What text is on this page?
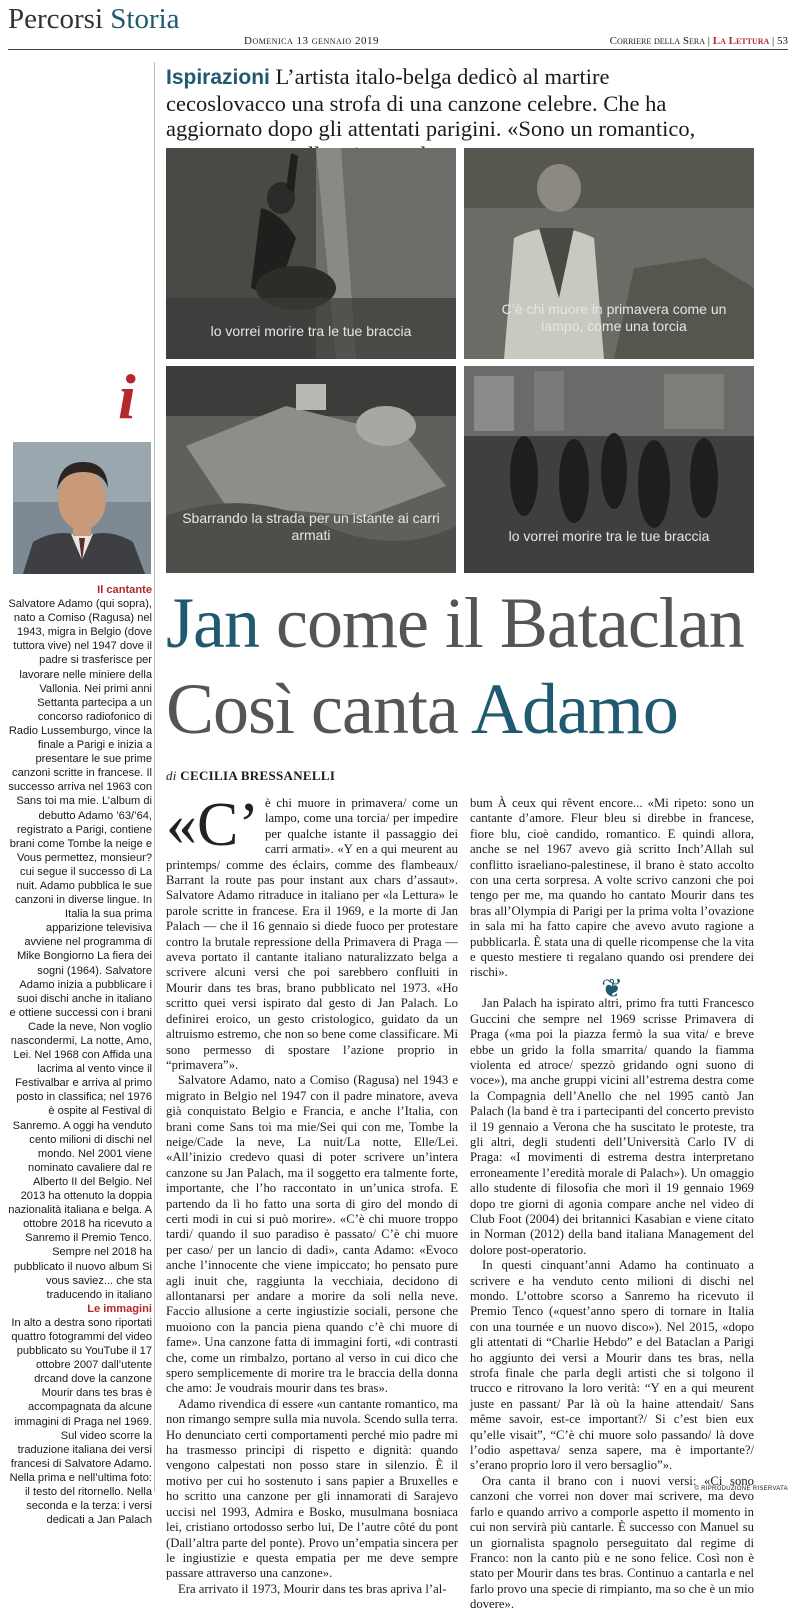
Percorsi Storia
Domenica 13 gennaio 2019	Corriere della Sera | La Lettura | 53
i

Il cantante

Salvatore Adamo (qui sopra), nato a Comiso (Ragusa) nel 1943, migra in Belgio (dove tuttora vive) nel 1947 dove il padre si trasferisce per lavorare nelle miniere della Vallonia. Nei primi anni Settanta partecipa a un concorso radiofonico di Radio Lussemburgo, vince la finale a Parigi e inizia a presentare le sue prime canzoni scritte in francese. Il successo arriva nel 1963 con Sans toi ma mie. L’album di debutto Adamo ’63/’64, registrato a Parigi, contiene brani come Tombe la neige e Vous permettez, monsieur? cui segue il successo di La nuit. Adamo pubblica le sue canzoni in diverse lingue. In Italia la sua prima apparizione televisiva avviene nel programma di Mike Bongiorno La fiera dei sogni (1964). Salvatore Adamo inizia a pubblicare i suoi dischi anche in italiano e ottiene successi con i brani Cade la neve, Non voglio nascondermi, La notte, Amo, Lei. Nel 1968 con Affida una lacrima al vento vince il Festivalbar e arriva al primo posto in classifica; nel 1976 è ospite al Festival di Sanremo. A oggi ha venduto cento milioni di dischi nel mondo. Nel 2001 viene nominato cavaliere dal re Alberto II del Belgio. Nel 2013 ha ottenuto la doppia nazionalità italiana e belga. A ottobre 2018 ha ricevuto a Sanremo il Premio Tenco. Sempre nel 2018 ha pubblicato il nuovo album Si vous saviez... che sta traducendo in italiano

Le immagini

In alto a destra sono riportati quattro fotogrammi del video pubblicato su YouTube il 17 ottobre 2007 dall’utente drcand dove la canzone Mourir dans tes bras è accompagnata da alcune immagini di Praga nel 1969. Sul video scorre la traduzione italiana dei versi francesi di Salvatore Adamo. Nella prima e nell’ultima foto: il testo del ritornello. Nella seconda e la terza: i versi dedicati a Jan Palach

Ispirazioni L’artista italo-belga dedicò al martire cecoslovacco una strofa di una canzone celebre. Che ha aggiornato dopo gli attentati parigini. «Sono un romantico,
lo vorrei morire tra le tue braccia
C’è chi muore in primavera come un lampo, come una torcia
Sbarrando la strada per un istante ai carri armati	lo vorrei morire tra le tue braccia
Jan come il Bataclan
Così canta Adamo
di CECILIA BRESSANELLI
«C’ è chi muore in primavera/ come un lampo, come una torcia/ per impedire per qualche istante il passaggio dei carri armati». «Y en a qui meurent au printemps/ comme des éclairs, comme des flambeaux/ Barrant la route pas pour instant aux chars d’assaut». Salvatore Adamo ritraduce in italiano per «la Lettura» le parole scritte in francese. Era il 1969, e la morte di Jan Palach — che il 16 gennaio si diede fuoco per protestare contro la brutale repressione della Primavera di Praga — aveva portato il cantante italiano naturalizzato belga a scrivere alcuni versi che poi sarebbero confluiti in Mourir dans tes bras, brano pubblicato nel 1973. «Ho scritto quei versi ispirato dal gesto di Jan Palach. Lo definirei eroico, un gesto cristologico, guidato da un altruismo estremo, che non so bene come classificare. Mi sono permesso di spostare l’azione proprio in “primavera”».

Salvatore Adamo, nato a Comiso (Ragusa) nel 1943 e migrato in Belgio nel 1947 con il padre minatore, aveva già conquistato Belgio e Francia, e anche l’Italia, con brani come Sans toi ma mie/Sei qui con me, Tombe la neige/Cade la neve, La nuit/La notte, Elle/Lei. «All’inizio credevo quasi di poter scrivere un’intera canzone su Jan Palach, ma il soggetto era talmente forte, importante, che l’ho raccontato in un’unica strofa. E partendo da lì ho fatto una sorta di giro del mondo di certi modi in cui si può morire». «C’è chi muore troppo tardi/ quando il suo paradiso è passato/ C’è chi muore per caso/ per un lancio di dadi», canta Adamo: «Evoco anche l’innocente che viene impiccato; ho pensato pure agli inuit che, raggiunta la vecchiaia, decidono di allontanarsi per andare a morire da soli nella neve. Faccio allusione a certe ingiustizie sociali, persone che muoiono con la pancia piena quando c’è chi muore di fame». Una canzone fatta di immagini forti, «di contrasti che, come un rimbalzo, portano al verso in cui dico che spero semplicemente di morire tra le braccia della donna che amo: Je voudrais mourir dans tes bras».

Adamo rivendica di essere «un cantante romantico, ma non rimango sempre sulla mia nuvola. Scendo sulla terra. Ho denunciato certi comportamenti perché mio padre mi ha trasmesso principi di rispetto e dignità: quando vengono calpestati non posso stare in silenzio. È il motivo per cui ho sostenuto i sans papier a Bruxelles e ho scritto una canzone per gli innamorati di Sarajevo uccisi nel 1993, Admira e Bosko, musulmana bosniaca lei, cristiano ortodosso serbo lui, De l’autre côté du pont (Dall’altra parte del ponte). Provo un’empatia sincera per le ingiustizie e questa empatia per me deve sempre passare attraverso una canzone».

Era arrivato il 1973, Mourir dans tes bras apriva l’al-

bum À ceux qui rêvent encore... «Mi ripeto: sono un cantante d’amore. Fleur bleu si direbbe in francese, fiore blu, cioè candido, romantico. E quindi allora, anche se nel 1967 avevo già scritto Inch’Allah sul conflitto israeliano-palestinese, il brano è stato accolto con una certa sorpresa. A volte scrivo canzoni che poi tengo per me, ma quando ho cantato Mourir dans tes bras all’Olympia di Parigi per la prima volta l’ovazione in sala mi ha fatto capire che avevo avuto ragione a pubblicarla. È stata una di quelle ricompense che la vita e questo mestiere ti regalano quando osi prendere dei rischi».

❦

Jan Palach ha ispirato altri, primo fra tutti Francesco Guccini che sempre nel 1969 scrisse Primavera di Praga («ma poi la piazza fermò la sua vita/ e breve ebbe un grido la folla smarrita/ quando la fiamma violenta ed atroce/ spezzò gridando ogni suono di voce»), ma anche gruppi vicini all’estrema destra come la Compagnia dell’Anello che nel 1995 cantò Jan Palach (la band è tra i partecipanti del concerto previsto il 19 gennaio a Verona che ha suscitato le proteste, tra gli altri, degli studenti dell’Università Carlo IV di Praga: «I movimenti di estrema destra interpretano erroneamente l’eredità morale di Palach»). Un omaggio allo studente di filosofia che morì il 19 gennaio 1969 dopo tre giorni di agonia compare anche nel video di Club Foot (2004) dei britannici Kasabian e viene citato in Norman (2012) della band italiana Management del dolore post-operatorio.

In questi cinquant’anni Adamo ha continuato a scrivere e ha venduto cento milioni di dischi nel mondo. L’ottobre scorso a Sanremo ha ricevuto il Premio Tenco («quest’anno spero di tornare in Italia con una tournée e un nuovo disco»). Nel 2015, «dopo gli attentati di “Charlie Hebdo” e del Bataclan a Parigi ho aggiunto dei versi a Mourir dans tes bras, nella strofa finale che parla degli artisti che si tolgono il trucco e ritrovano la loro verità: “Y en a qui meurent juste en passant/ Par là où la haine attendait/ Sans même savoir, est-ce important?/ Si c’est bien eux qu’elle visait”, “C’è chi muore solo passando/ là dove l’odio aspettava/ senza sapere, ma è importante?/ s’erano proprio loro il vero bersaglio”».

Ora canta il brano con i nuovi versi: «Ci sono canzoni che vorrei non dover mai scrivere, ma devo farlo e quando arrivo a comporle aspetto il momento in cui non servirà più cantarle. È successo con Manuel su un giornalista spagnolo perseguitato dal regime di Franco: non la canto più e ne sono felice. Così non è stato per Mourir dans tes bras. Continuo a cantarla e nel farlo provo una specie di rimpianto, ma so che è un mio dovere».

© RIPRODUZIONE RISERVATA
